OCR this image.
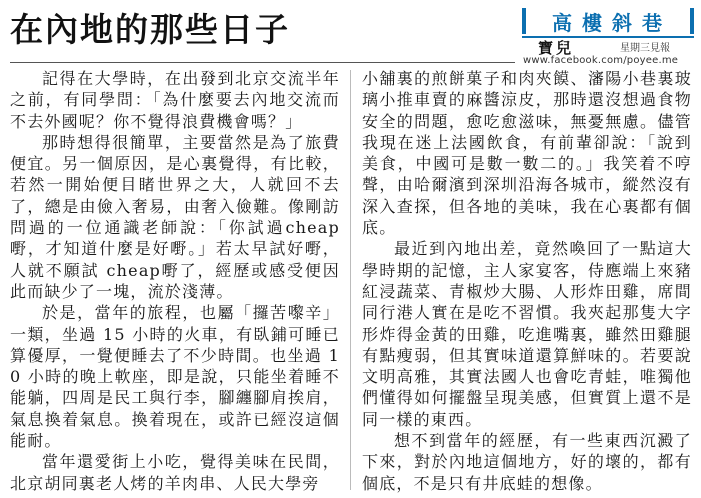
在內地的那些日子	高樓斜巷
寶兒	星期三見報
www.facebook.com/poyee.me

記得在大學時，在出發到北京交流半年之前，有同學問：「為什麼要去內地交流而不去外國呢？你不覺得浪費機會嗎？」

那時想得很簡單，主要當然是為了旅費便宜。另一個原因，是心裏覺得，有比較，若然一開始便目睹世界之大，人就回不去了，總是由儉入奢易，由奢入儉難。像剛訪問過的一位通識老師說：「你試過cheap嘢，才知道什麼是好嘢。」若太早試好嘢，人就不願試 cheap嘢了，經歷或感受便因此而缺少了一塊，流於淺薄。

於是，當年的旅程，也屬「攞苦嚟辛」一類，坐過 15 小時的火車，有臥鋪可睡已算優厚，一覺便睡去了不少時間。也坐過 10 小時的晚上軟座，即是說，只能坐着睡不能躺，四周是民工與行李，腳纏腳肩挨肩，氣息換着氣息。換着現在，或許已經沒這個能耐。

當年還愛街上小吃，覺得美味在民間，北京胡同裏老人烤的羊肉串、人民大學旁

小舖裏的煎餅菓子和肉夾饃、瀋陽小巷裏玻璃小推車賣的麻醬涼皮，那時還沒想過食物安全的問題，愈吃愈滋味，無憂無慮。儘管我現在迷上法國飲食，有前輩卻說：「說到美食，中國可是數一數二的。」我笑着不哼聲，由哈爾濱到深圳沿海各城市，縱然沒有深入查探，但各地的美味，我在心裏都有個底。

最近到內地出差，竟然喚回了一點這大學時期的記憶，主人家宴客，侍應端上來豬紅浸蔬菜、青椒炒大腸、人形炸田雞，席間同行港人實在是吃不習慣。我夾起那隻大字形炸得金黃的田雞，吃進嘴裏，雖然田雞腿有點瘦弱，但其實味道還算鮮味的。若要說文明高雅，其實法國人也會吃青蛙，唯獨他們懂得如何擺盤呈現美感，但實質上還不是同一樣的東西。

想不到當年的經歷，有一些東西沉澱了下來，對於內地這個地方，好的壞的，都有個底，不是只有井底蛙的想像。
